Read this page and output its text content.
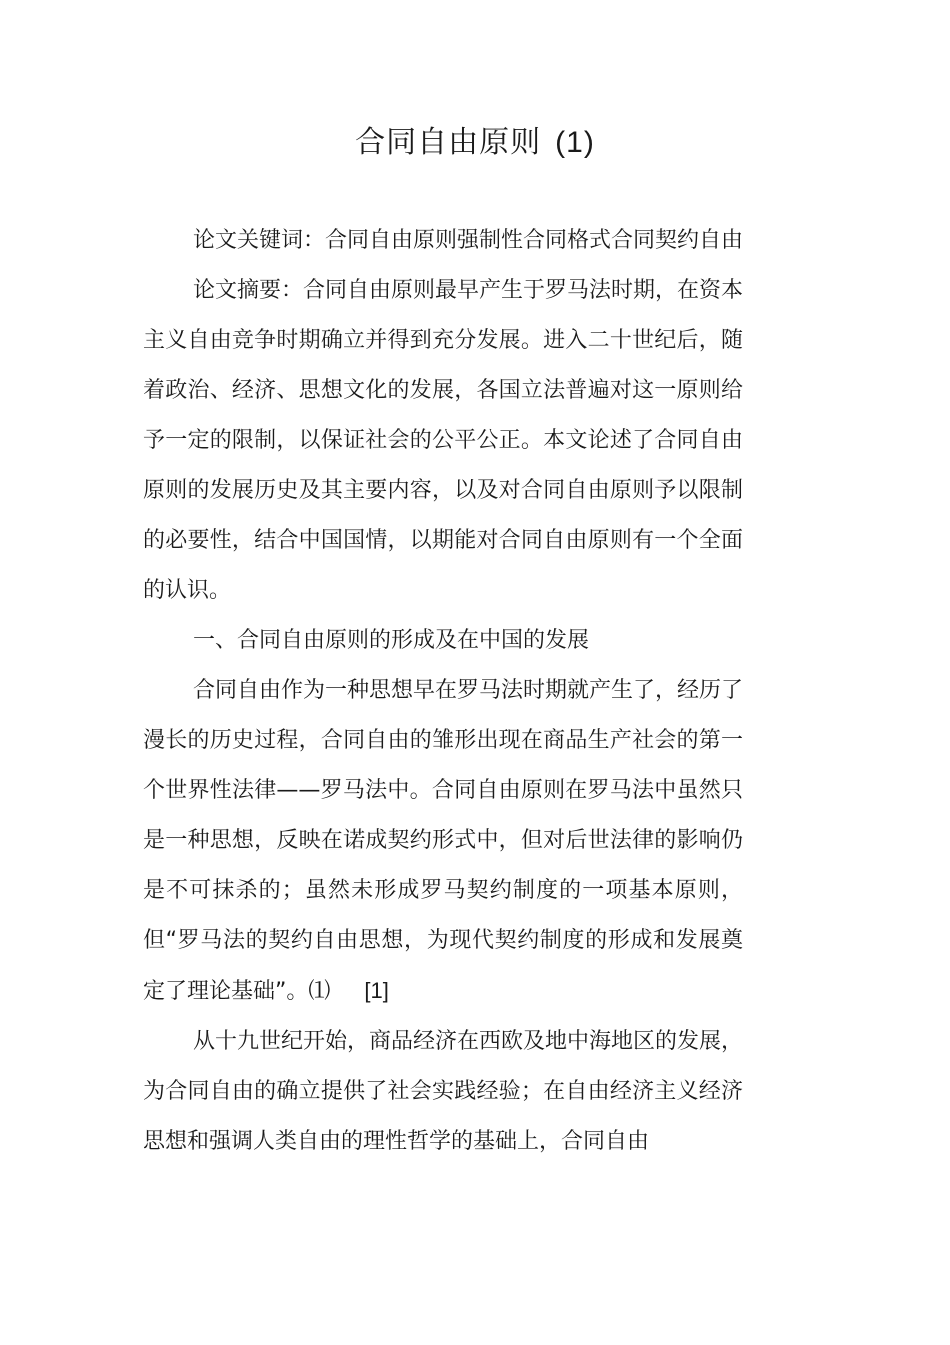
合同自由原则 (1)

论文关键词：合同自由原则强制性合同格式合同契约自由

论文摘要：合同自由原则最早产生于罗马法时期，在资本主义自由竞争时期确立并得到充分发展。进入二十世纪后，随着政治、经济、思想文化的发展，各国立法普遍对这一原则给予一定的限制，以保证社会的公平公正。本文论述了合同自由原则的发展历史及其主要内容，以及对合同自由原则予以限制的必要性，结合中国国情，以期能对合同自由原则有一个全面的认识。

一、合同自由原则的形成及在中国的发展

合同自由作为一种思想早在罗马法时期就产生了，经历了漫长的历史过程，合同自由的雏形出现在商品生产社会的第一个世界性法律——罗马法中。合同自由原则在罗马法中虽然只是一种思想，反映在诺成契约形式中，但对后世法律的影响仍是不可抹杀的；虽然未形成罗马契约制度的一项基本原则，但“罗马法的契约自由思想，为现代契约制度的形成和发展奠定了理论基础”。⑴ [1]

从十九世纪开始，商品经济在西欧及地中海地区的发展，为合同自由的确立提供了社会实践经验；在自由经济主义经济思想和强调人类自由的理性哲学的基础上，合同自由
